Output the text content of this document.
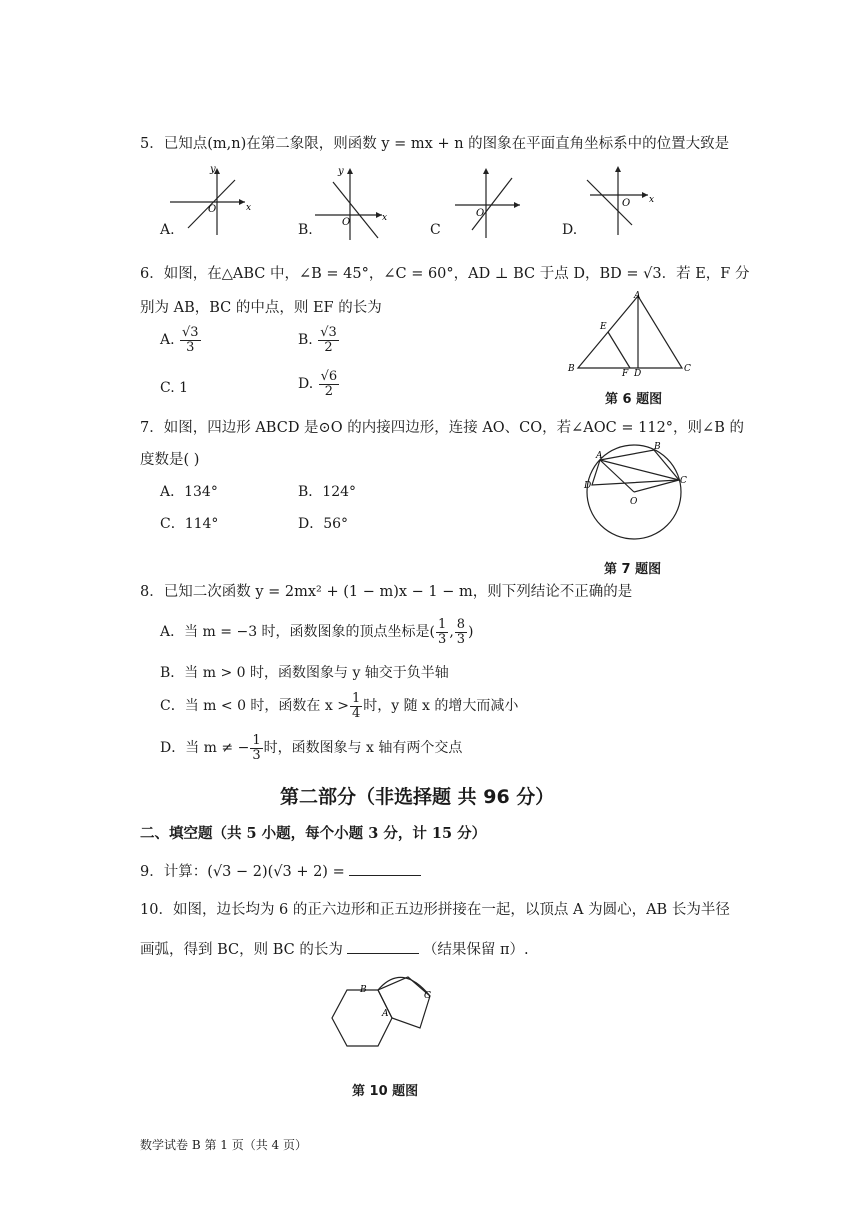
5．已知点(m,n)在第二象限，则函数 y = mx + n 的图象在平面直角坐标系中的位置大致是
y
O	x
y
O	x	O
O x
A.	B.	C	D.
6．如图，在△ABC 中，∠B = 45°，∠C = 60°，AD ⊥ BC 于点 D，BD = √3．若 E，F 分
别为 AB，BC 的中点，则 EF 的长为
A. $\frac{√3}{3}$	B. $\frac{√3}{2}$
C. 1	D. $\frac{√6}{2}$
A
E
B	C
F D
第 6 题图
7．如图，四边形 ABCD 是⊙O 的内接四边形，连接 AO、CO，若∠AOC = 112°，则∠B 的
度数是( )
A．134°	B．124°
C．114°	D．56°
A
B
C
D
O
第 7 题图
8．已知二次函数 y = 2mx² + (1 − m)x − 1 − m，则下列结论不正确的是
A．当 m = −3 时，函数图象的顶点坐标是( $\frac{1}{3}$ , $\frac{8}{3}$ )
B．当 m > 0 时，函数图象与 y 轴交于负半轴
C．当 m < 0 时，函数在 $x > \frac{1}{4}$ 时，y 随 x 的增大而减小
D．当 m ≠ − $\frac{1}{3}$ 时，函数图象与 x 轴有两个交点
第二部分（非选择题 共 96 分）
二、填空题（共 5 小题，每个小题 3 分，计 15 分）
9．计算：(√3 − 2)(√3 + 2) =
10．如图，边长均为 6 的正六边形和正五边形拼接在一起，以顶点 A 为圆心，AB 长为半径
画弧，得到 BC，则 BC 的长为	（结果保留 π）.
B
A
C
第 10 题图
数学试卷 B 第 1 页（共 4 页）
